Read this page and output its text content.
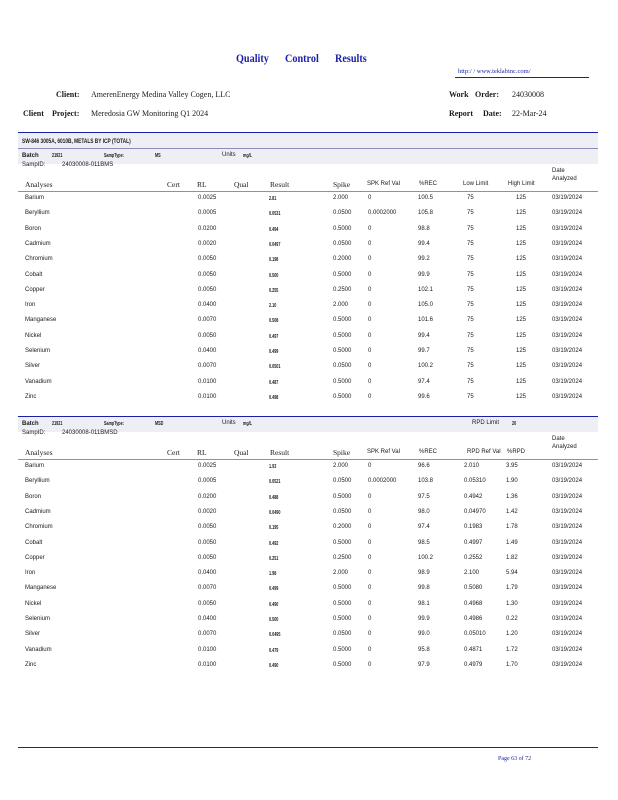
Quality Control Results
http:/ / www.teklabinc.com/
Client: AmerenEnergy Medina Valley Cogen, LLC
Client Project: Meredosia GW Monitoring Q1 2024
Work Order: 24030008
Report Date: 22-Mar-24
SW-846 3005A, 6010B, METALS BY ICP (TOTAL)
Batch	21921	SampType:	MS	Units mg/L
SampID:	24030008-011BMS
Analyses	Cert RL	Qual	Result	Spike	SPK Ref Val	%REC	Low Limit	High Limit
Date
Analyzed
Barium	0.0025	2.81	2.000	0	100.5	75	125	03/19/2024
Beryllium	0.0005	0.0531	0.0500	0.0002000	105.8	75	125	03/19/2024
Boron	0.0200	0.494	0.5000	0	98.8	75	125	03/19/2024
Cadmium	0.0020	0.0497	0.0500	0	99.4	75	125	03/19/2024
Chromium	0.0050	0.198	0.2000	0	99.2	75	125	03/19/2024
Cobalt	0.0050	0.500	0.5000	0	99.9	75	125	03/19/2024
Copper	0.0050	0.255	0.2500	0	102.1	75	125	03/19/2024
Iron	0.0400	2.10	2.000	0	105.0	75	125	03/19/2024
Manganese	0.0070	0.508	0.5000	0	101.6	75	125	03/19/2024
Nickel	0.0050	0.497	0.5000	0	99.4	75	125	03/19/2024
Selenium	0.0400	0.499	0.5000	0	99.7	75	125	03/19/2024
Silver	0.0070	0.0501	0.0500	0	100.2	75	125	03/19/2024
Vanadium	0.0100	0.487	0.5000	0	97.4	75	125	03/19/2024
Zinc	0.0100	0.498	0.5000	0	99.6	75	125	03/19/2024
Batch	21921	SampType:	MSD	Units mg/L	RPD Limit	20
SampID:	24030008-011BMSD
Analyses	Cert RL	Qual	Result	Spike	SPK Ref Val	%REC	RPD Ref Val %RPD
Date
Analyzed
Barium	0.0025	1.93	2.000	0	96.6	2.010	3.95	03/19/2024
Beryllium	0.0005	0.0521	0.0500	0.0002000	103.8	0.05310	1.90	03/19/2024
Boron	0.0200	0.488	0.5000	0	97.5	0.4942	1.36	03/19/2024
Cadmium	0.0020	0.0490	0.0500	0	98.0	0.04970	1.42	03/19/2024
Chromium	0.0050	0.195	0.2000	0	97.4	0.1983	1.78	03/19/2024
Cobalt	0.0050	0.492	0.5000	0	98.5	0.4997	1.49	03/19/2024
Copper	0.0050	0.251	0.2500	0	100.2	0.2552	1.82	03/19/2024
Iron	0.0400	1.98	2.000	0	98.9	2.100	5.94	03/19/2024
Manganese	0.0070	0.499	0.5000	0	99.8	0.5080	1.79	03/19/2024
Nickel	0.0050	0.490	0.5000	0	98.1	0.4968	1.30	03/19/2024
Selenium	0.0400	0.500	0.5000	0	99.9	0.4986	0.22	03/19/2024
Silver	0.0070	0.0495	0.0500	0	99.0	0.05010	1.20	03/19/2024
Vanadium	0.0100	0.479	0.5000	0	95.8	0.4871	1.72	03/19/2024
Zinc	0.0100	0.490	0.5000	0	97.9	0.4979	1.70	03/19/2024
Page 63 of 72
